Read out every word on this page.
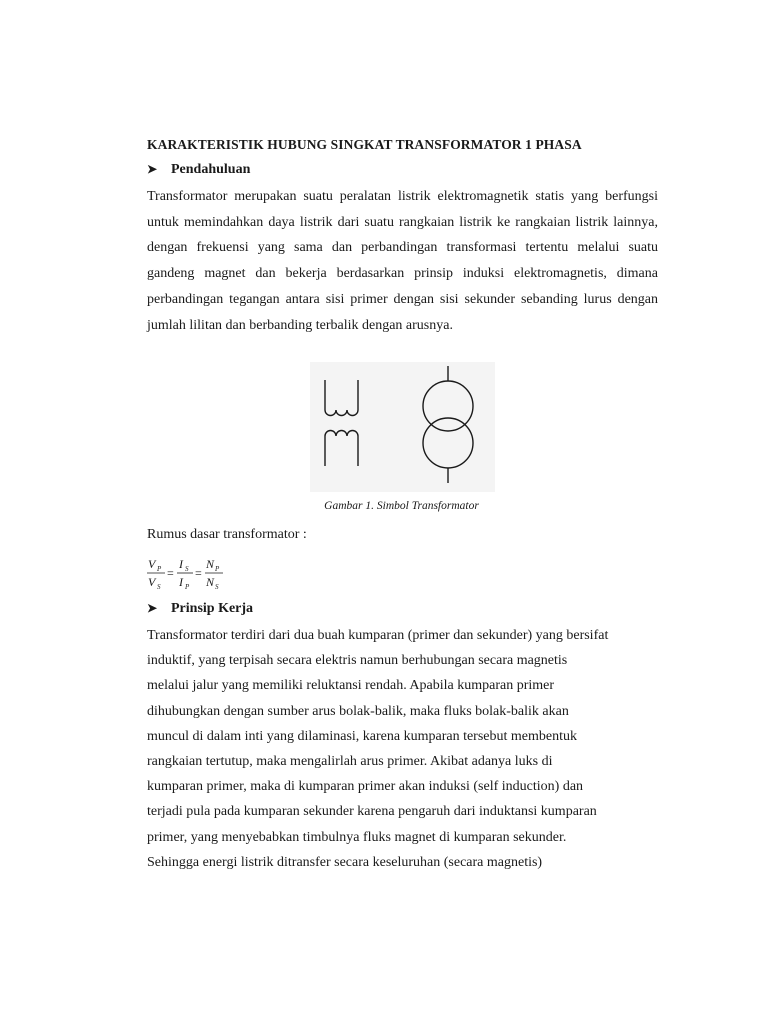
KARAKTERISTIK HUBUNG SINGKAT TRANSFORMATOR 1 PHASA
➤ Pendahuluan
Transformator merupakan suatu peralatan listrik elektromagnetik statis yang berfungsi untuk memindahkan daya listrik dari suatu rangkaian listrik ke rangkaian listrik lainnya, dengan frekuensi yang sama dan perbandingan transformasi tertentu melalui suatu gandeng magnet dan bekerja berdasarkan prinsip induksi elektromagnetis, dimana perbandingan tegangan antara sisi primer dengan sisi sekunder sebanding lurus dengan jumlah lilitan dan berbanding terbalik dengan arusnya.
Gambar 1. Simbol Transformator
Rumus dasar transformator :
V P
V S
=
I S
I P
=
N P
N S
➤ Prinsip Kerja
Transformator terdiri dari dua buah kumparan (primer dan sekunder) yang bersifat
induktif, yang terpisah secara elektris namun berhubungan secara magnetis
melalui jalur yang memiliki reluktansi rendah. Apabila kumparan primer
dihubungkan dengan sumber arus bolak-balik, maka fluks bolak-balik akan
muncul di dalam inti yang dilaminasi, karena kumparan tersebut membentuk
rangkaian tertutup, maka mengalirlah arus primer. Akibat adanya luks di
kumparan primer, maka di kumparan primer akan induksi (self induction) dan
terjadi pula pada kumparan sekunder karena pengaruh dari induktansi kumparan
primer, yang menyebabkan timbulnya fluks magnet di kumparan sekunder.
Sehingga energi listrik ditransfer secara keseluruhan (secara magnetis)
